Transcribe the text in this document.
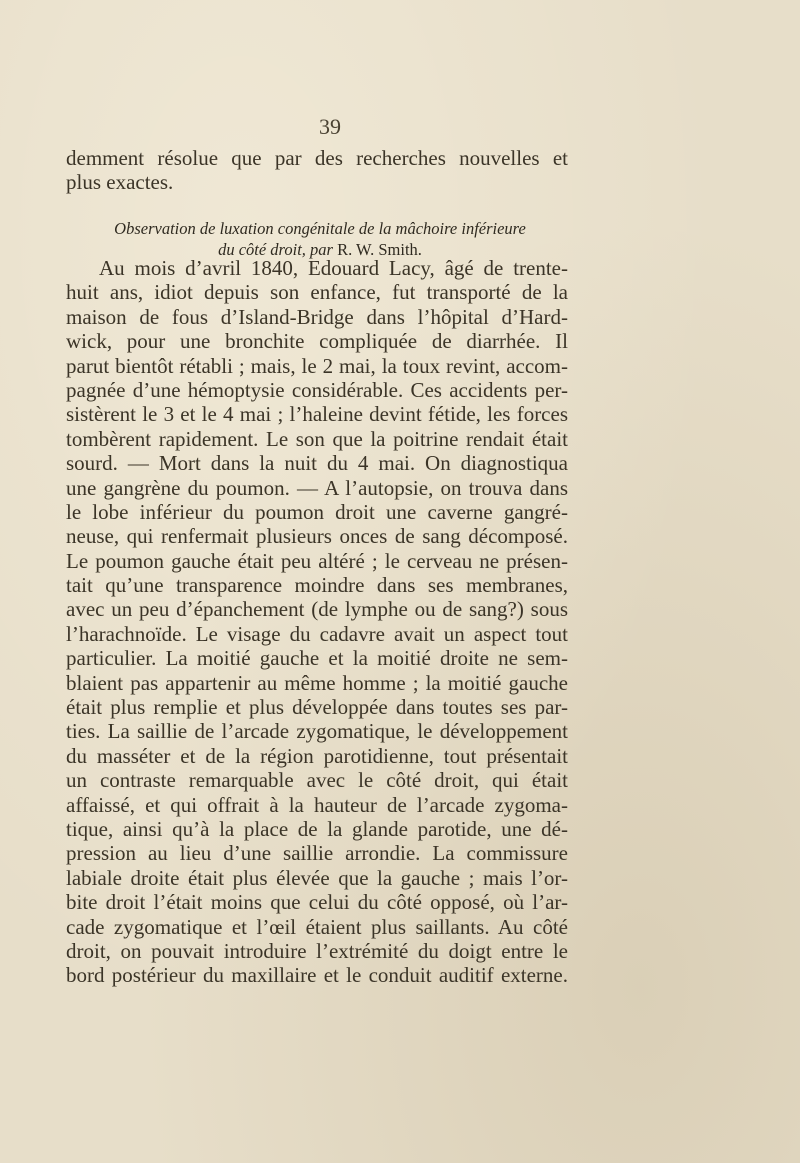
39
demment résolue que par des recherches nouvelles et
plus exactes.
Observation de luxation congénitale de la mâchoire inférieure
du côté droit, par R. W. Smith.
Au mois d’avril 1840, Edouard Lacy, âgé de trente-
huit ans, idiot depuis son enfance, fut transporté de la
maison de fous d’Island-Bridge dans l’hôpital d’Hard-
wick, pour une bronchite compliquée de diarrhée. Il
parut bientôt rétabli ; mais, le 2 mai, la toux revint, accom-
pagnée d’une hémoptysie considérable. Ces accidents per-
sistèrent le 3 et le 4 mai ; l’haleine devint fétide, les forces
tombèrent rapidement. Le son que la poitrine rendait était
sourd. — Mort dans la nuit du 4 mai. On diagnostiqua
une gangrène du poumon. — A l’autopsie, on trouva dans
le lobe inférieur du poumon droit une caverne gangré-
neuse, qui renfermait plusieurs onces de sang décomposé.
Le poumon gauche était peu altéré ; le cerveau ne présen-
tait qu’une transparence moindre dans ses membranes,
avec un peu d’épanchement (de lymphe ou de sang?) sous
l’harachnoïde. Le visage du cadavre avait un aspect tout
particulier. La moitié gauche et la moitié droite ne sem-
blaient pas appartenir au même homme ; la moitié gauche
était plus remplie et plus développée dans toutes ses par-
ties. La saillie de l’arcade zygomatique, le développement
du masséter et de la région parotidienne, tout présentait
un contraste remarquable avec le côté droit, qui était
affaissé, et qui offrait à la hauteur de l’arcade zygoma-
tique, ainsi qu’à la place de la glande parotide, une dé-
pression au lieu d’une saillie arrondie. La commissure
labiale droite était plus élevée que la gauche ; mais l’or-
bite droit l’était moins que celui du côté opposé, où l’ar-
cade zygomatique et l’œil étaient plus saillants. Au côté
droit, on pouvait introduire l’extrémité du doigt entre le
bord postérieur du maxillaire et le conduit auditif externe.
